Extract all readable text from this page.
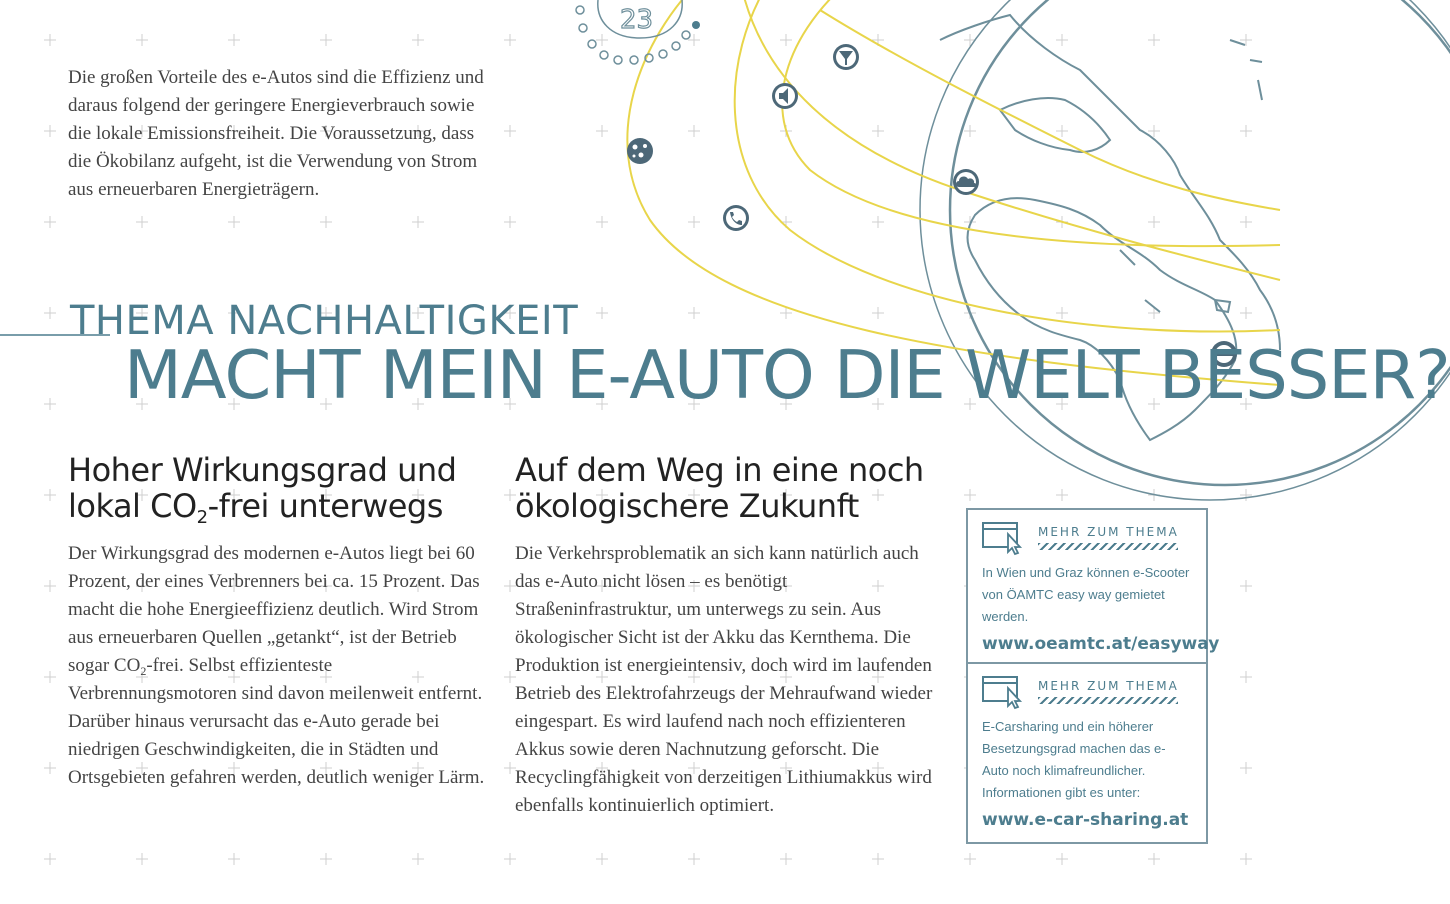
23

Die großen Vorteile des e-Autos sind die Effizienz und daraus folgend der geringere Energieverbrauch sowie die lokale Emissionsfreiheit. Die Voraussetzung, dass die Ökobilanz aufgeht, ist die Verwendung von Strom aus erneuerbaren Energieträgern.

THEMA NACHHALTIGKEIT
MACHT MEIN E-AUTO DIE WELT BESSER?
Hoher Wirkungsgrad und
lokal $CO_2$-frei unterwegs

Der Wirkungsgrad des modernen e-Autos liegt bei 60 Prozent, der eines Verbrenners bei ca. 15 Prozent. Das macht die hohe Energieeffizienz deutlich. Wird Strom aus erneuerbaren Quellen „getankt“, ist der Betrieb sogar $CO_2$-frei. Selbst effizienteste Verbrennungsmotoren sind davon meilenweit entfernt. Darüber hinaus verursacht das e-Auto gerade bei niedrigen Geschwindigkeiten, die in Städten und Ortsgebieten gefahren werden, deutlich weniger Lärm.

Auf dem Weg in eine noch
ökologischere Zukunft

Die Verkehrsproblematik an sich kann natürlich auch das e-Auto nicht lösen – es benötigt Straßeninfrastruktur, um unterwegs zu sein. Aus ökologischer Sicht ist der Akku das Kernthema. Die Produktion ist energieintensiv, doch wird im laufenden Betrieb des Elektrofahrzeugs der Mehraufwand wieder eingespart. Es wird laufend nach noch effizienteren Akkus sowie deren Nachnutzung geforscht. Die Recyclingfähigkeit von derzeitigen Lithiumakkus wird ebenfalls kontinuierlich optimiert.

MEHR ZUM THEMA
In Wien und Graz können e-Scooter von ÖAMTC easy way gemietet werden.
www.oeamtc.at/easyway
MEHR ZUM THEMA
E-Carsharing und ein höherer Besetzungsgrad machen das e-Auto noch klimafreundlicher. Informationen gibt es unter:
www.e-car-sharing.at
